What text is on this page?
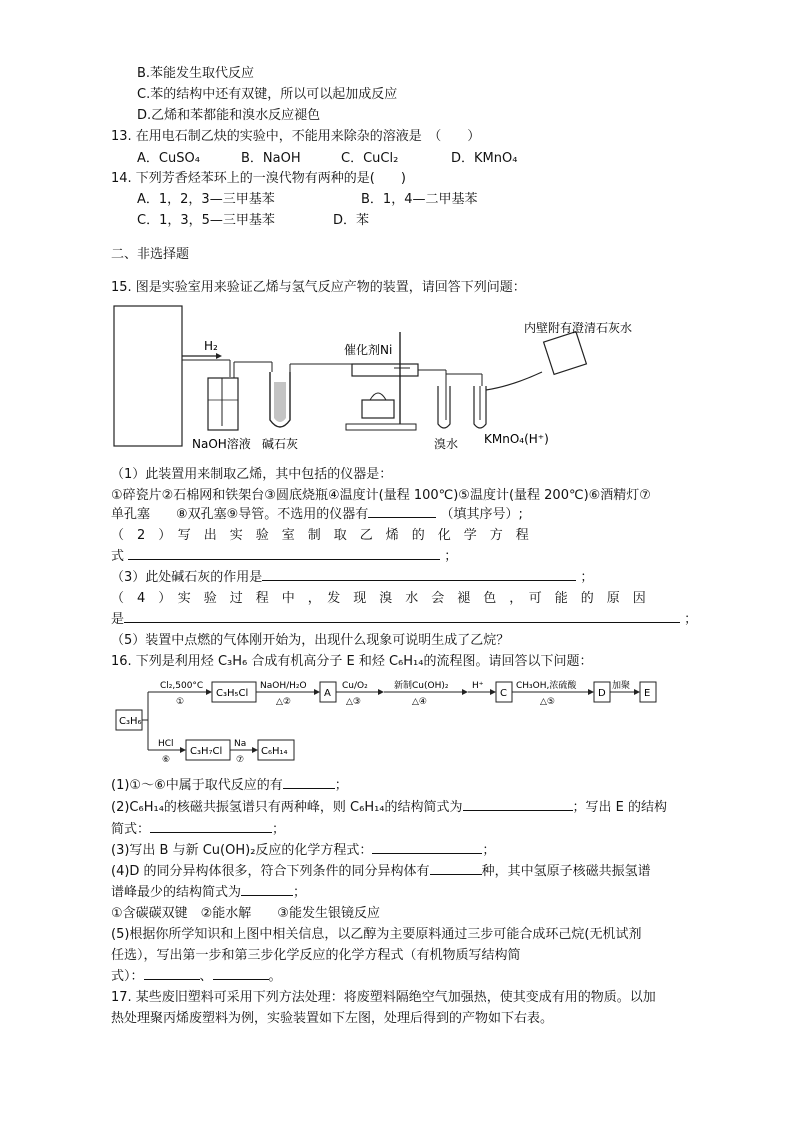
B.苯能发生取代反应
C.苯的结构中还有双键，所以可以起加成反应
D.乙烯和苯都能和溴水反应褪色
13. 在用电石制乙炔的实验中，不能用来除杂的溶液是　（　　）
A．CuSO₄	B．NaOH	C．CuCl₂	D．KMnO₄
14. 下列芳香烃苯环上的一溴代物有两种的是(　　)
A．1，2，3—三甲基苯	B．1，4—二甲基苯
C．1，3，5—三甲基苯	D．苯
二、非选择题
15. 图是实验室用来验证乙烯与氢气反应产物的装置，请回答下列问题：
H₂	催化剂Ni
内壁附有澄清石灰水
NaOH溶液 碱石灰	溴水 KMnO₄(H⁺)
（1）此装置用来制取乙烯，其中包括的仪器是：
①碎瓷片②石棉网和铁架台③圆底烧瓶④温度计(量程 100℃)⑤温度计(量程 200℃)⑥酒精灯⑦
单孔塞　　⑧双孔塞⑨导管。不选用的仪器有	（填其序号）;
（　2　）　写　出　实　验　室　制　取　乙　烯　的　化　学　方　程
式	；
（3）此处碱石灰的作用是	；
（　4　）　实　验　过　程　中　，　发　现　溴　水　会　褪　色　，　可　能　的　原　因
是	；
（5）装置中点燃的气体刚开始为，出现什么现象可说明生成了乙烷？
16. 下列是利用烃 C₃H₆ 合成有机高分子 E 和烃 C₆H₁₄的流程图。请回答以下问题：
C₃H₆
Cl₂,500°C
①
C₃H₅Cl
NaOH/H₂O
△②
A
Cu/O₂
△③
新制Cu(OH)₂
△④
H⁺
C
CH₃OH,浓硫酸
△⑤
D
加聚
E
HCl
⑥
C₃H₇Cl
Na
⑦
C₆H₁₄
(1)①～⑥中属于取代反应的有	；
(2)C₆H₁₄的核磁共振氢谱只有两种峰，则 C₆H₁₄的结构简式为	；写出 E 的结构
简式：	；
(3)写出 B 与新 Cu(OH)₂反应的化学方程式：	；
(4)D 的同分异构体很多，符合下列条件的同分异构体有	种，其中氢原子核磁共振氢谱
谱峰最少的结构简式为	；
①含碳碳双键　②能水解　　③能发生银镜反应
(5)根据你所学知识和上图中相关信息，以乙醇为主要原料通过三步可能合成环己烷(无机试剂
任选），写出第一步和第三步化学反应的化学方程式（有机物质写结构简
式）：	、	。
17. 某些废旧塑料可采用下列方法处理：将废塑料隔绝空气加强热，使其变成有用的物质。以加
热处理聚丙烯废塑料为例，实验装置如下左图，处理后得到的产物如下右表。
